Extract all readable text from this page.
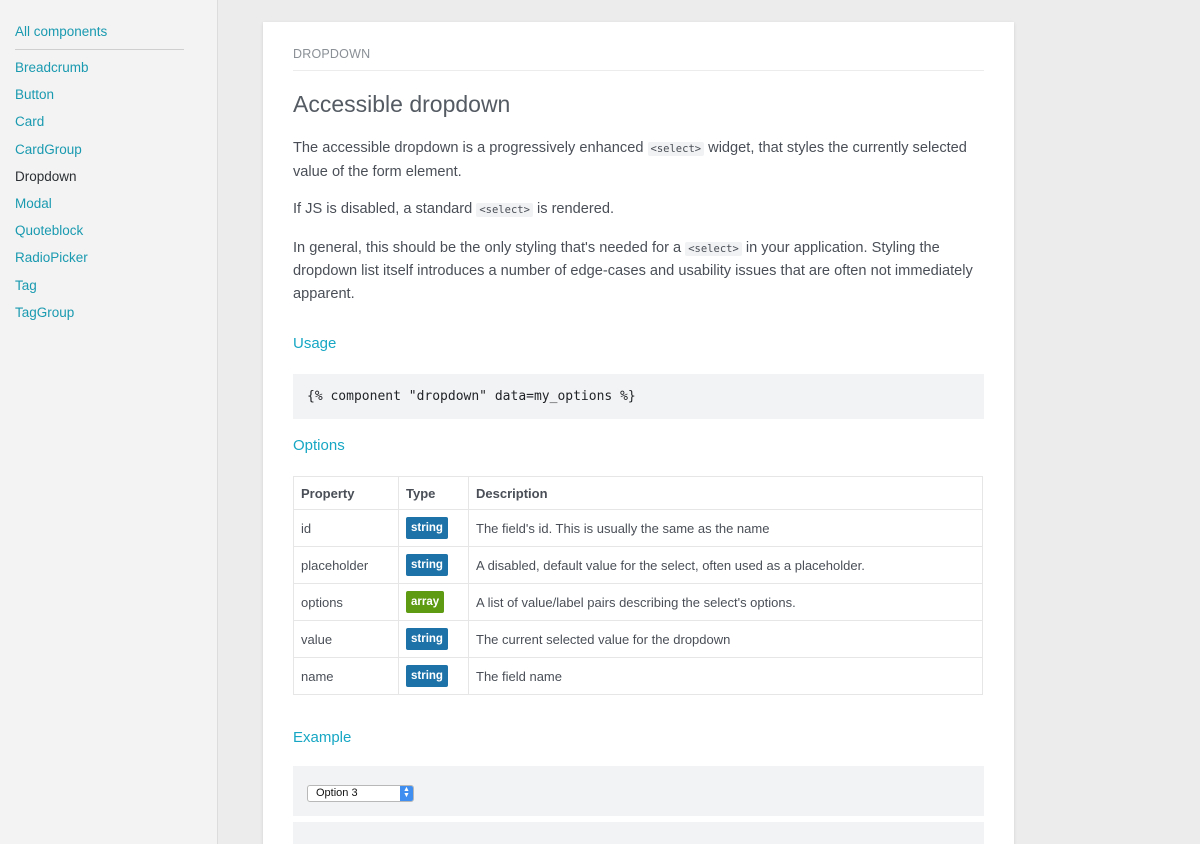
All components
Breadcrumb
Button
Card
CardGroup
Dropdown
Modal
Quoteblock
RadioPicker
Tag
TagGroup
DROPDOWN
Accessible dropdown

The accessible dropdown is a progressively enhanced <select> widget, that styles the currently selected value of the form element.

If JS is disabled, a standard <select> is rendered.

In general, this should be the only styling that's needed for a <select> in your application. Styling the dropdown list itself introduces a number of edge-cases and usability issues that are often not immediately apparent.

Usage
{% component "dropdown" data=my_options %}
Options
Property	Type	Description
id	string	The field's id. This is usually the same as the name
placeholder	string	A disabled, default value for the select, often used as a placeholder.
options	array	A list of value/label pairs describing the select's options.
value	string	The current selected value for the dropdown
name	string	The field name
Example
Option 3	▲
▼
